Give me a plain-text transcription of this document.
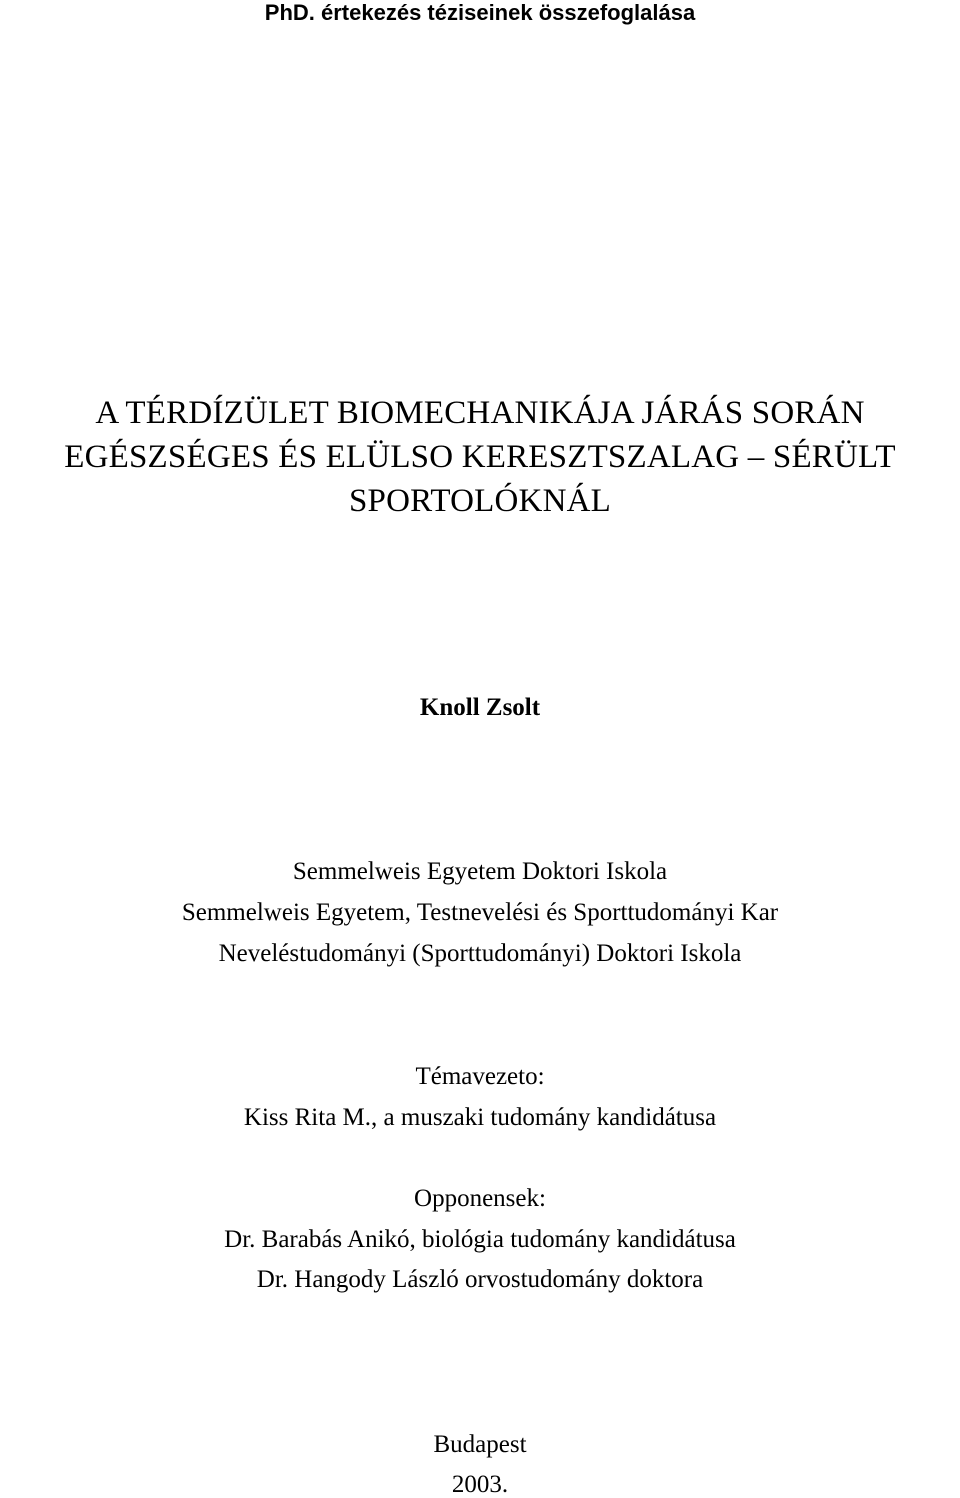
PhD. értekezés téziseinek összefoglalása
A TÉRDÍZÜLET BIOMECHANIKÁJA JÁRÁS SORÁN
EGÉSZSÉGES ÉS ELÜLSO KERESZTSZALAG – SÉRÜLT
SPORTOLÓKNÁL
Knoll Zsolt
Semmelweis Egyetem Doktori Iskola
Semmelweis Egyetem, Testnevelési és Sporttudományi Kar
Neveléstudományi (Sporttudományi) Doktori Iskola
Témavezeto:
Kiss Rita M., a muszaki tudomány kandidátusa
Opponensek:
Dr. Barabás Anikó, biológia tudomány kandidátusa
Dr. Hangody László orvostudomány doktora
Budapest
2003.
